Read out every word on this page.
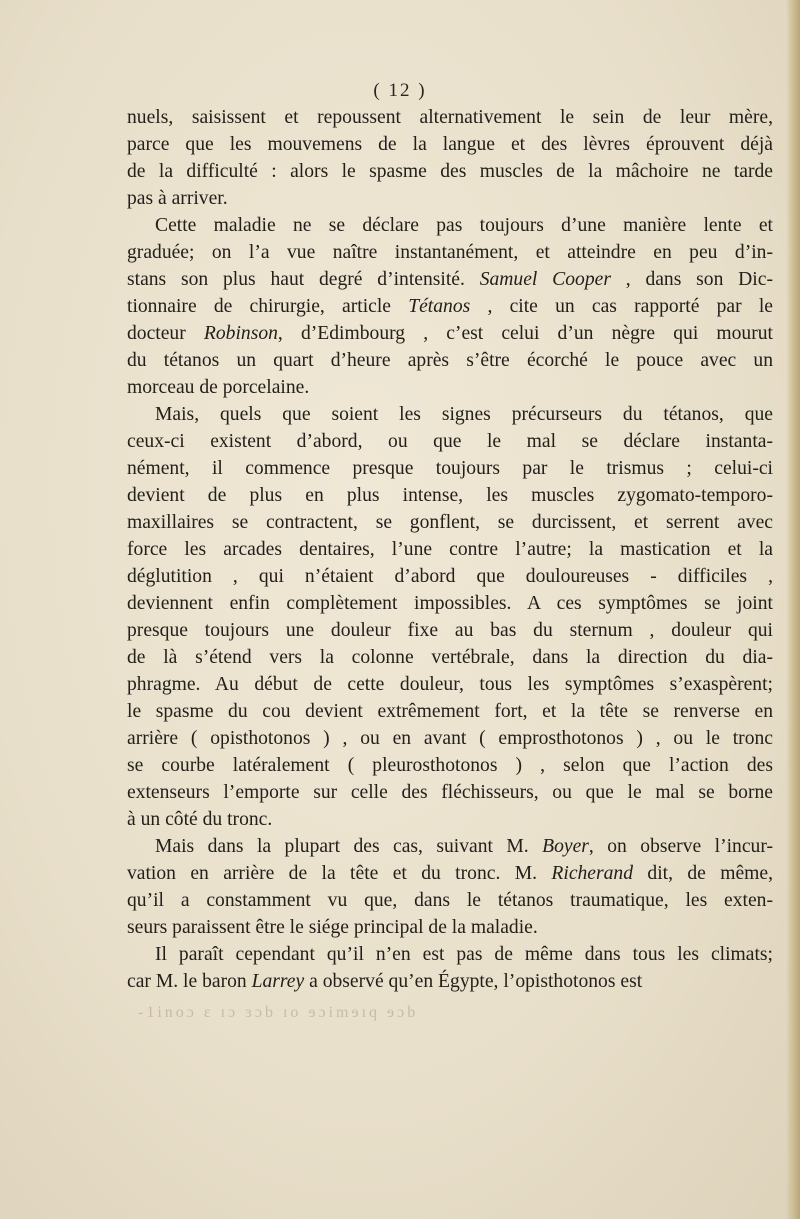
( 12 )
nuels, saisissent et repoussent alternativement le sein de leur mère,
parce que les mouvemens de la langue et des lèvres éprouvent déjà
de la difficulté : alors le spasme des muscles de la mâchoire ne tarde
pas à arriver.
Cette maladie ne se déclare pas toujours d’une manière lente et
graduée; on l’a vue naître instantanément, et atteindre en peu d’in-
stans son plus haut degré d’intensité. Samuel Cooper , dans son Dic-
tionnaire de chirurgie, article Tétanos , cite un cas rapporté par le
docteur Robinson, d’Edimbourg , c’est celui d’un nègre qui mourut
du tétanos un quart d’heure après s’être écorché le pouce avec un
morceau de porcelaine.
Mais, quels que soient les signes précurseurs du tétanos, que
ceux-ci existent d’abord, ou que le mal se déclare instanta-
nément, il commence presque toujours par le trismus ; celui-ci
devient de plus en plus intense, les muscles zygomato-temporo-
maxillaires se contractent, se gonflent, se durcissent, et serrent avec
force les arcades dentaires, l’une contre l’autre; la mastication et la
déglutition , qui n’étaient d’abord que douloureuses - difficiles ,
deviennent enfin complètement impossibles. A ces symptômes se joint
presque toujours une douleur fixe au bas du sternum , douleur qui
de là s’étend vers la colonne vertébrale, dans la direction du dia-
phragme. Au début de cette douleur, tous les symptômes s’exaspèrent;
le spasme du cou devient extrêmement fort, et la tête se renverse en
arrière ( opisthotonos ) , ou en avant ( emprosthotonos ) , ou le tronc
se courbe latéralement ( pleurosthotonos ) , selon que l’action des
extenseurs l’emporte sur celle des fléchisseurs, ou que le mal se borne
à un côté du tronc.
Mais dans la plupart des cas, suivant M. Boyer, on observe l’incur-
vation en arrière de la tête et du tronc. M. Richerand dit, de même,
qu’il a constamment vu que, dans le tétanos traumatique, les exten-
seurs paraissent être le siége principal de la maladie.
Il paraît cependant qu’il n’en est pas de même dans tous les climats;
car M. le baron Larrey a observé qu’en Égypte, l’opisthotonos est
-1inoɔ ɛ ɪɔ ɜɔb ɪo ɘɔimɘɪq ɘɔb
